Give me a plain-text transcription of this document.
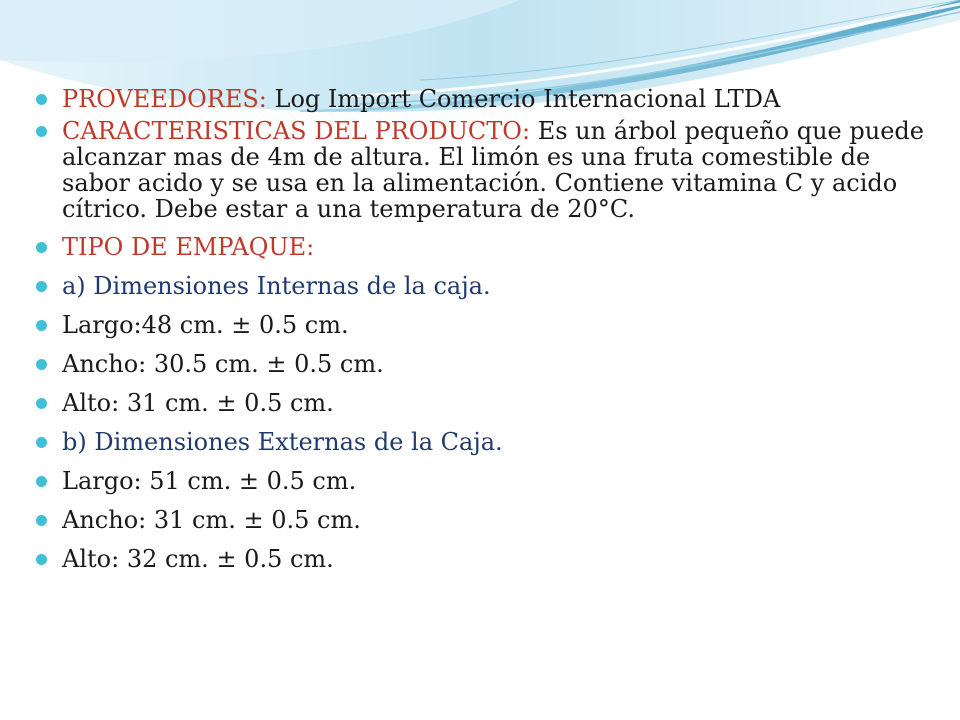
PROVEEDORES: Log Import Comercio Internacional LTDA
CARACTERISTICAS DEL PRODUCTO: Es un árbol pequeño que puede alcanzar mas de 4m de altura. El limón es una fruta comestible de sabor acido y se usa en la alimentación. Contiene vitamina C y acido cítrico. Debe estar a una temperatura de 20°C.
TIPO DE EMPAQUE:
a) Dimensiones Internas de la caja.
Largo:48 cm. ± 0.5 cm.
Ancho: 30.5 cm. ± 0.5 cm.
Alto: 31 cm. ± 0.5 cm.
b) Dimensiones Externas de la Caja.
Largo: 51 cm. ± 0.5 cm.
Ancho: 31 cm. ± 0.5 cm.
Alto: 32 cm. ± 0.5 cm.
